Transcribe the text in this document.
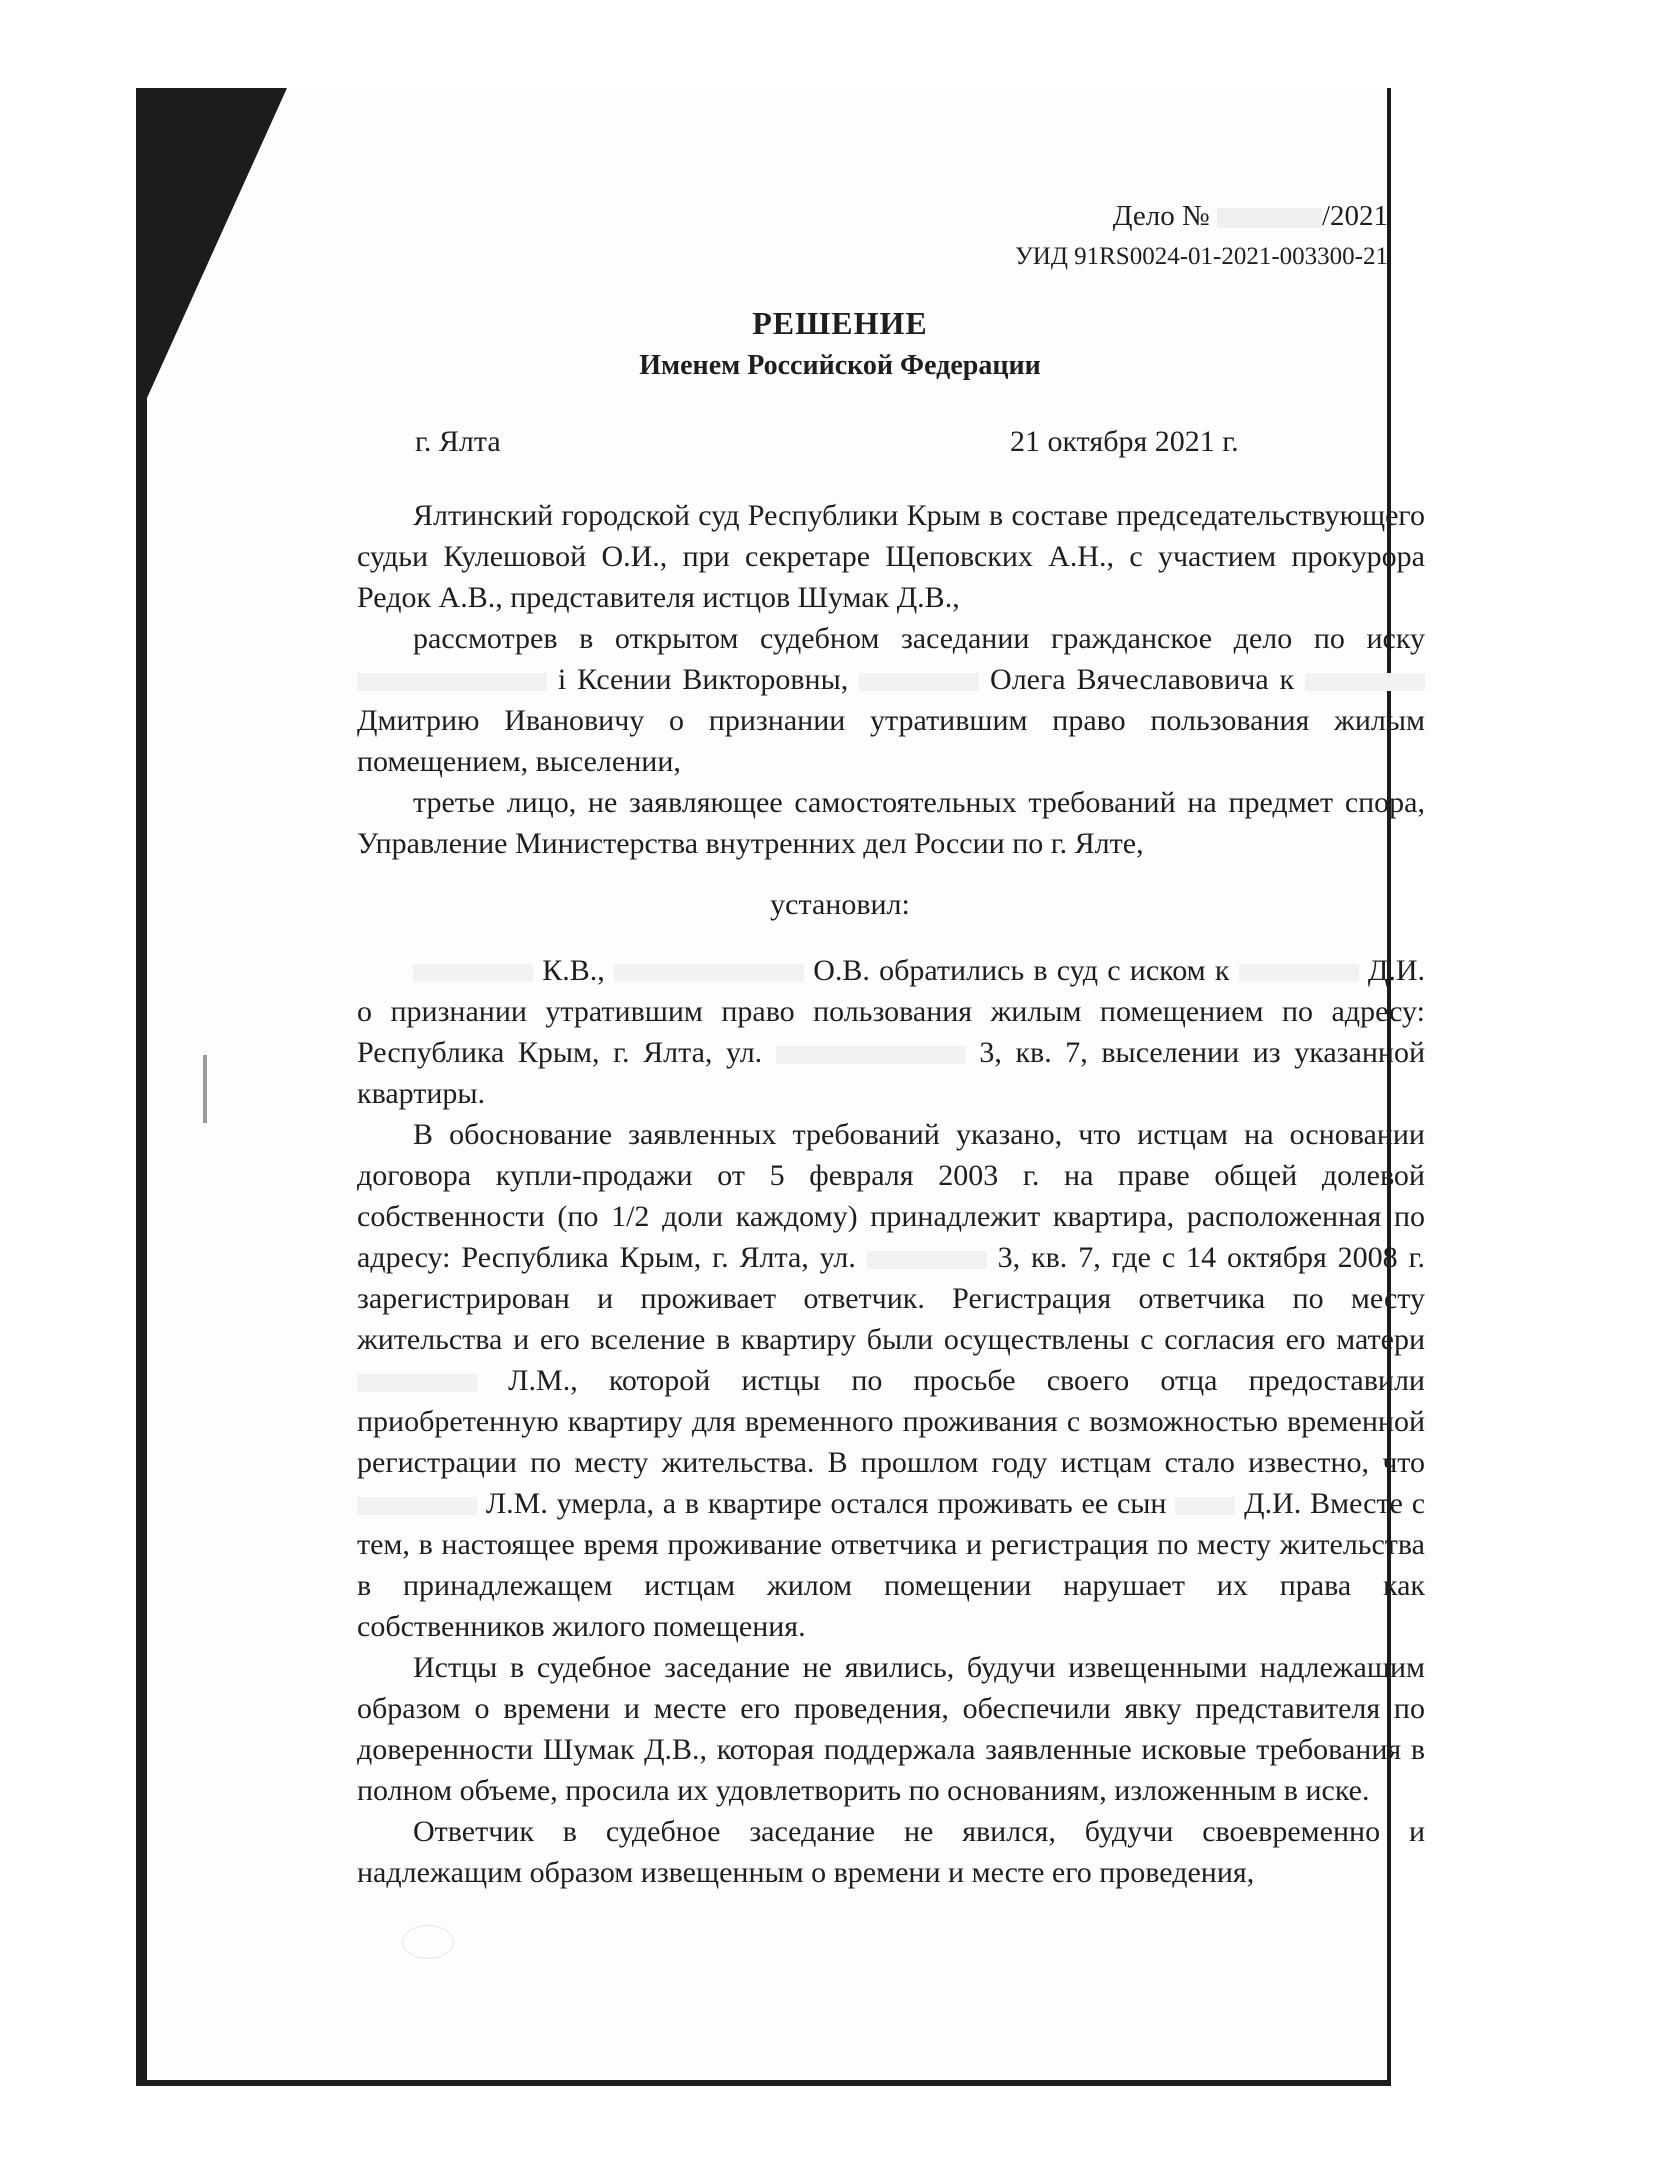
Дело №	/2021
УИД 91RS0024-01-2021-003300-21
РЕШЕНИЕ
Именем Российской Федерации
г. Ялта	21 октября 2021 г.

Ялтинский городской суд Республики Крым в составе председательствующего судьи Кулешовой О.И., при секретаре Щеповских А.Н., с участием прокурора Редок А.В., представителя истцов Шумак Д.В.,

рассмотрев в открытом судебном заседании гражданское дело по иску  і Ксении Викторовны,	Олега Вячеславовича к  Дмитрию Ивановичу о признании утратившим право пользования жилым помещением, выселении,

третье лицо, не заявляющее самостоятельных требований на предмет спора, Управление Министерства внутренних дел России по г. Ялте,

установил:

К.В.,	О.В. обратились в суд с иском к	Д.И. о признании утратившим право пользования жилым помещением по адресу: Республика Крым, г. Ялта, ул.	3, кв. 7, выселении из указанной квартиры.

В обоснование заявленных требований указано, что истцам на основании договора купли-продажи от 5 февраля 2003 г. на праве общей долевой собственности (по 1/2 доли каждому) принадлежит квартира, расположенная по адресу: Республика Крым, г. Ялта, ул.	3, кв. 7, где с 14 октября 2008 г. зарегистрирован и проживает ответчик. Регистрация ответчика по месту жительства и его вселение в квартиру были осуществлены с согласия его матери  Л.М., которой истцы по просьбе своего отца предоставили приобретенную квартиру для временного проживания с возможностью временной регистрации по месту жительства. В прошлом году истцам стало известно, что  Л.М. умерла, а в квартире остался проживать ее сын	Д.И. Вместе с тем, в настоящее время проживание ответчика и регистрация по месту жительства в принадлежащем истцам жилом помещении нарушает их права как собственников жилого помещения.

Истцы в судебное заседание не явились, будучи извещенными надлежащим образом о времени и месте его проведения, обеспечили явку представителя по доверенности Шумак Д.В., которая поддержала заявленные исковые требования в полном объеме, просила их удовлетворить по основаниям, изложенным в иске.

Ответчик в судебное заседание не явился, будучи своевременно и надлежащим образом извещенным о времени и месте его проведения,
